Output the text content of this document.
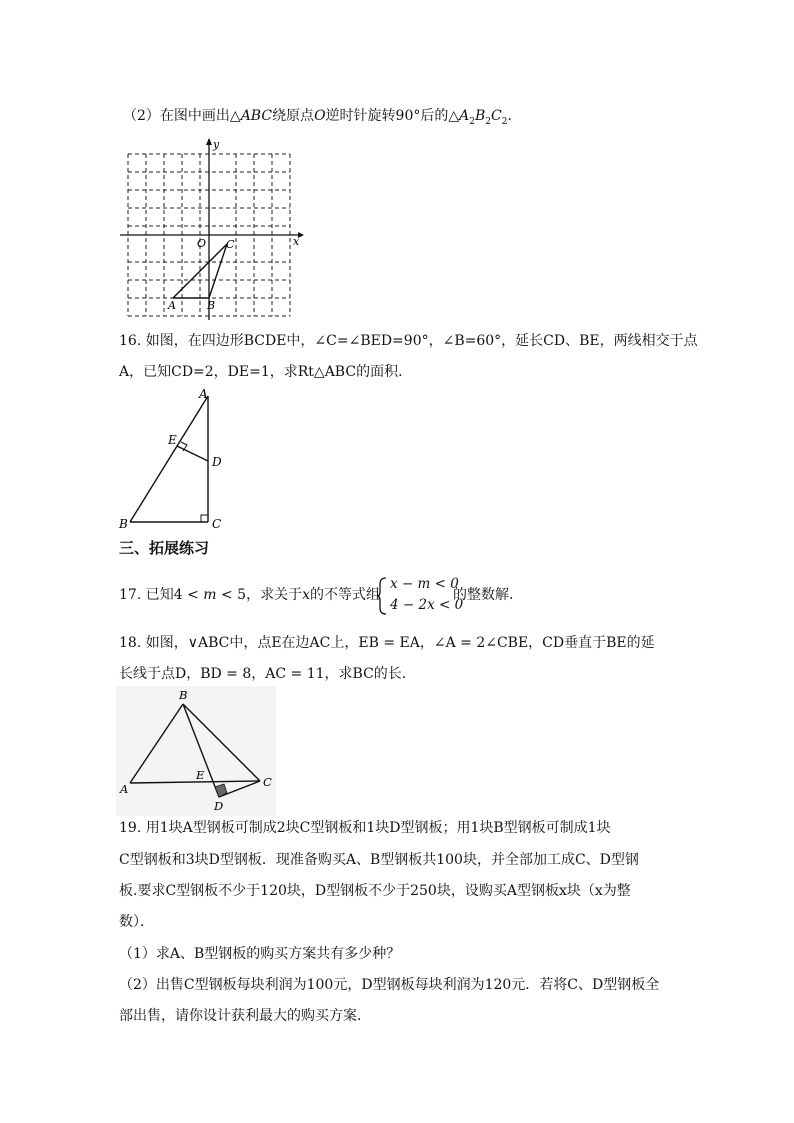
（2）在图中画出△ABC绕原点O逆时针旋转90°后的$\triangle A_2B_2C_2$.
y
x
O C
A	B
16. 如图，在四边形BCDE中，∠C=∠BED=90°，∠B=60°，延长CD、BE，两线相交于点
A，已知CD=2，DE=1，求Rt△ABC的面积．
A
E
D
B	C
三、拓展练习
17. 已知4 < m < 5，求关于x的不等式组
x − m < 0
4 − 2x < 0
的整数解．
18. 如图，∨ABC中，点E在边AC上，EB = EA，∠A = 2∠CBE，CD垂直于BE的延
长线于点D，BD = 8，AC = 11，求BC的长．
B
A
E	C
D
19. 用1块A型钢板可制成2块C型钢板和1块D型钢板；用1块B型钢板可制成1块
C型钢板和3块D型钢板．现准备购买A、B型钢板共100块，并全部加工成C、D型钢
板.要求C型钢板不少于120块，D型钢板不少于250块，设购买A型钢板x块（x为整
数）．
（1）求A、B型钢板的购买方案共有多少种？
（2）出售C型钢板每块利润为100元，D型钢板每块利润为120元．若将C、D型钢板全
部出售，请你设计获利最大的购买方案．
